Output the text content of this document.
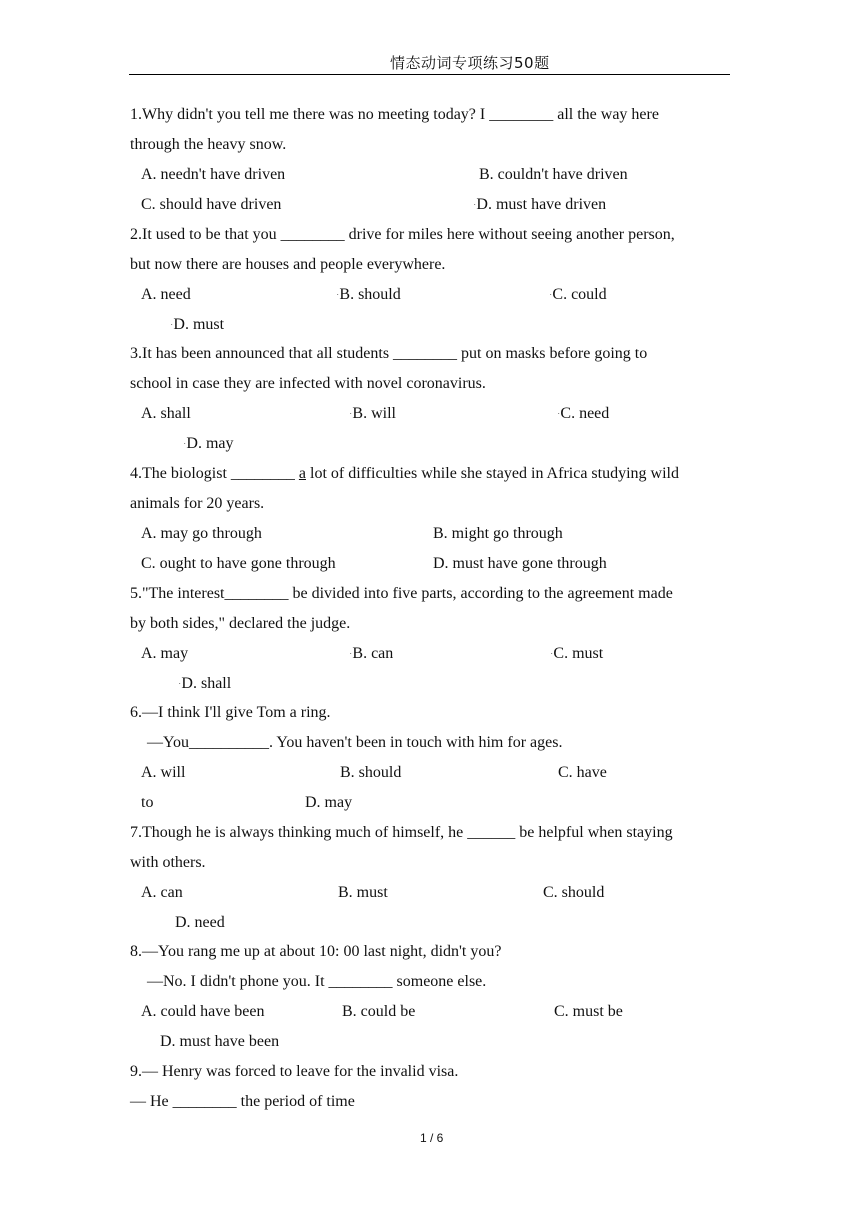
情态动词专项练习50题
1.Why didn't you tell me there was no meeting today? I ________ all the way here
through the heavy snow.
A. needn't have driven	B. couldn't have driven
C. should have driven	•D. must have driven
2.It used to be that you ________ drive for miles here without seeing another person,
but now there are houses and people everywhere.
A. need	•B. should	•C. could
•D. must
3.It has been announced that all students ________ put on masks before going to
school in case they are infected with novel coronavirus.
A. shall	•B. will	•C. need
•D. may
4.The biologist ________ a lot of difficulties while she stayed in Africa studying wild
animals for 20 years.
A. may go through	B. might go through
C. ought to have gone through	D. must have gone through
5."The interest________ be divided into five parts, according to the agreement made
by both sides," declared the judge.
A. may	•B. can	•C. must
•D. shall
6.—I think I'll give Tom a ring.
—You__________. You haven't been in touch with him for ages.
A. will	B. should	C. have
to	D. may
7.Though he is always thinking much of himself, he ______ be helpful when staying
with others.
A. can	B. must	C. should
D. need
8.—You rang me up at about 10: 00 last night, didn't you?
—No. I didn't phone you. It ________ someone else.
A. could have been	B. could be	C. must be
D. must have been
9.— Henry was forced to leave for the invalid visa.
— He ________ the period of time
1 / 6
